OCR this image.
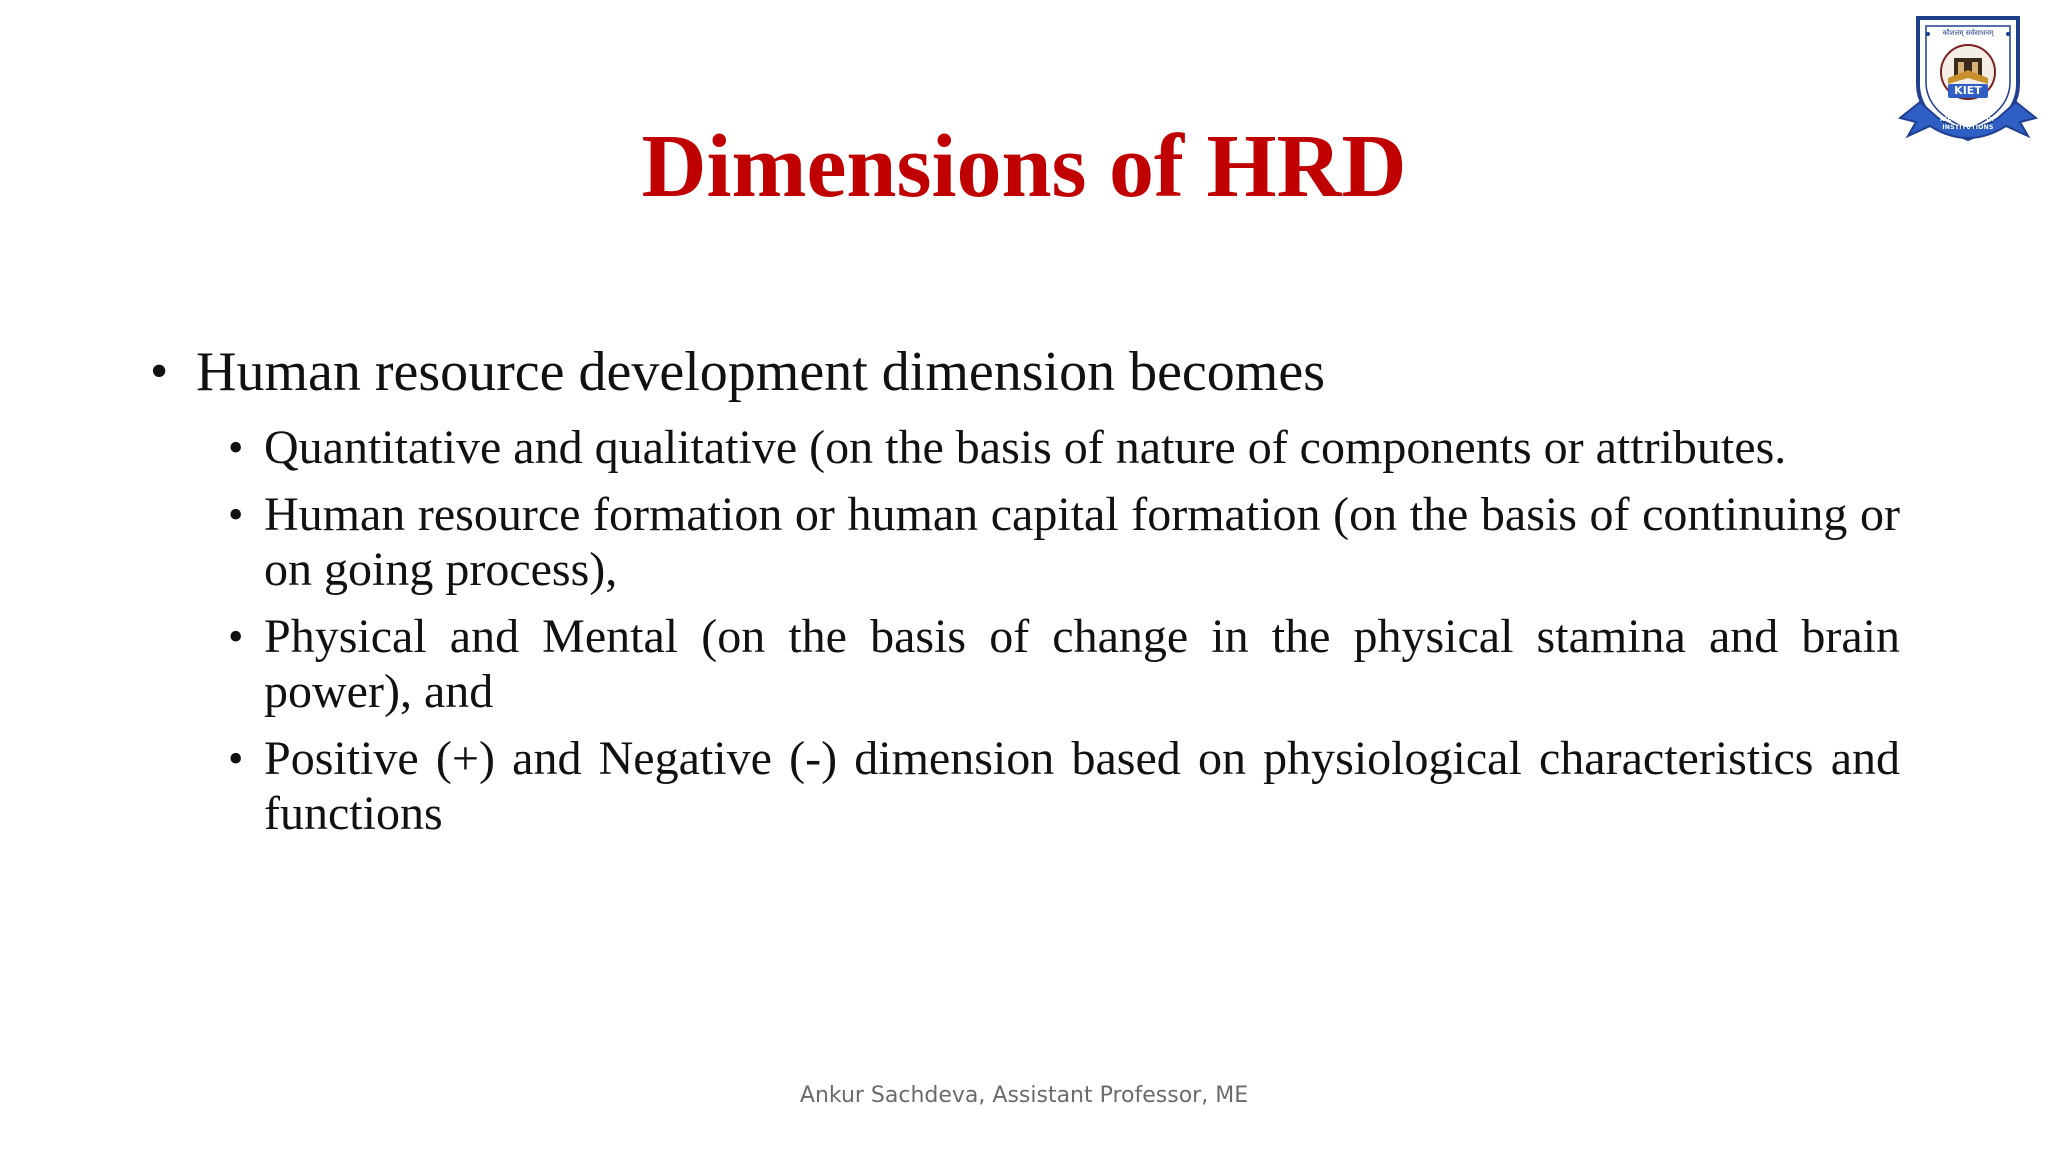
Dimensions of HRD
KIET
KIET GROUP OF INSTITUTIONS
कौशलम् सर्वसाधनम्

• Human resource development dimension becomes

• Quantitative and qualitative (on the basis of nature of components or attributes.

• Human resource formation or human capital formation (on the basis of continuing or on going process),

• Physical and Mental (on the basis of change in the physical stamina and brain power), and

• Positive (+) and Negative (-) dimension based on physiological characteristics and functions

Ankur Sachdeva, Assistant Professor, ME
